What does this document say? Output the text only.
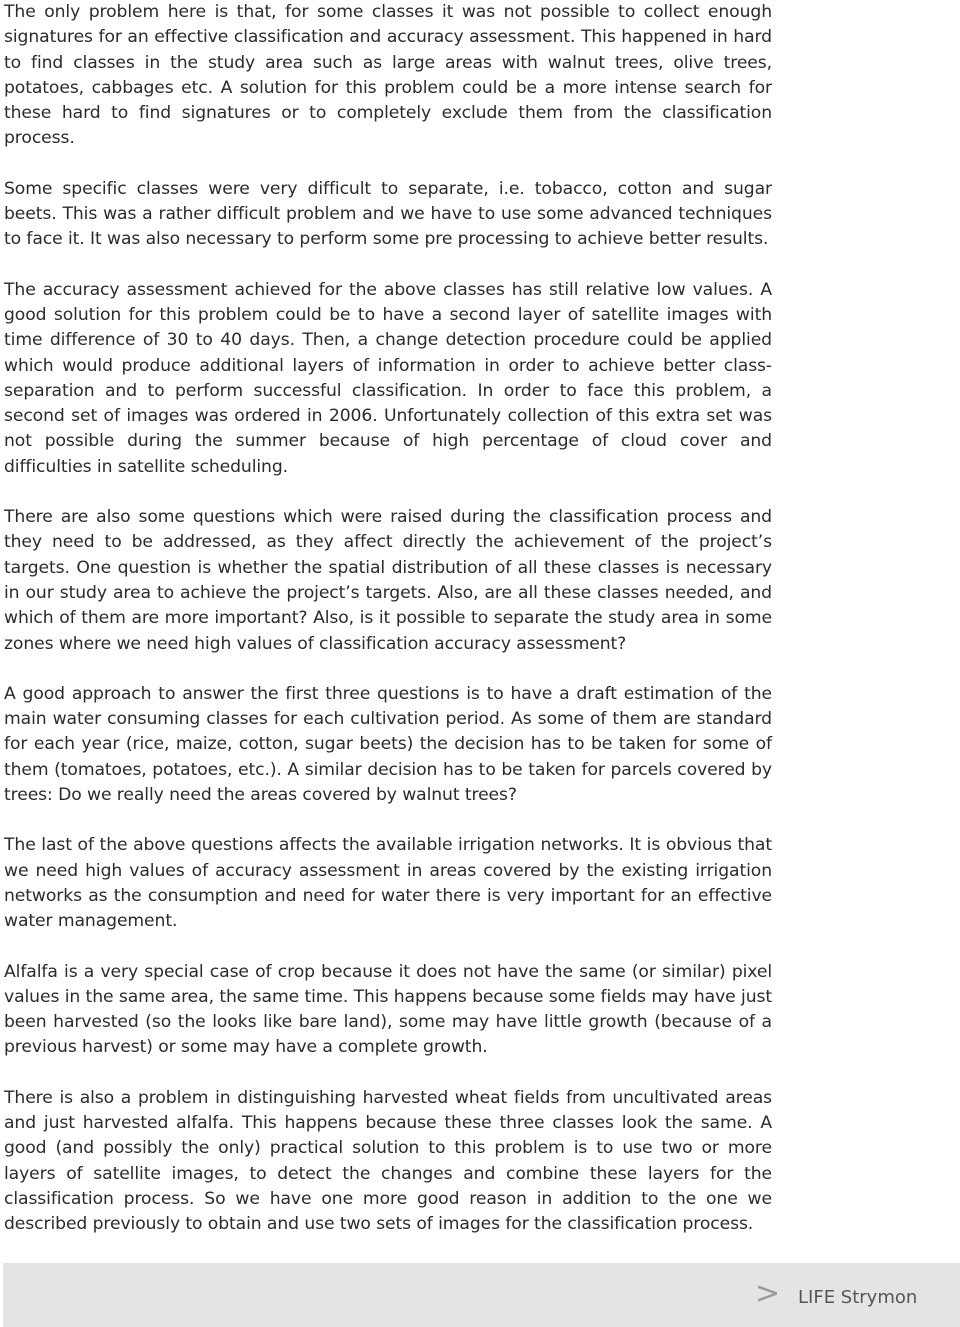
The only problem here is that, for some classes it was not possible to collect enough signatures for an effective classification and accuracy assessment. This happened in hard to find classes in the study area such as large areas with walnut trees, olive trees, potatoes, cabbages etc. A solution for this problem could be a more intense search for these hard to find signatures or to completely exclude them from the classification process.

Some specific classes were very difficult to separate, i.e. tobacco, cotton and sugar beets. This was a rather difficult problem and we have to use some advanced techniques to face it. It was also necessary to perform some pre processing to achieve better results.

The accuracy assessment achieved for the above classes has still relative low values. A good solution for this problem could be to have a second layer of satellite images with time difference of 30 to 40 days. Then, a change detection procedure could be applied which would produce additional layers of information in order to achieve better class-separation and to perform successful classification. In order to face this problem, a second set of images was ordered in 2006. Unfortunately collection of this extra set was not possible during the summer because of high percentage of cloud cover and difficulties in satellite scheduling.

There are also some questions which were raised during the classification process and they need to be addressed, as they affect directly the achievement of the project’s targets. One question is whether the spatial distribution of all these classes is necessary in our study area to achieve the project’s targets. Also, are all these classes needed, and which of them are more important? Also, is it possible to separate the study area in some zones where we need high values of classification accuracy assessment?

A good approach to answer the first three questions is to have a draft estimation of the main water consuming classes for each cultivation period. As some of them are standard for each year (rice, maize, cotton, sugar beets) the decision has to be taken for some of them (tomatoes, potatoes, etc.). A similar decision has to be taken for parcels covered by trees: Do we really need the areas covered by walnut trees?

The last of the above questions affects the available irrigation networks. It is obvious that we need high values of accuracy assessment in areas covered by the existing irrigation networks as the consumption and need for water there is very important for an effective water management.

Alfalfa is a very special case of crop because it does not have the same (or similar) pixel values in the same area, the same time. This happens because some fields may have just been harvested (so the looks like bare land), some may have little growth (because of a previous harvest) or some may have a complete growth.

There is also a problem in distinguishing harvested wheat fields from uncultivated areas and just harvested alfalfa. This happens because these three classes look the same. A good (and possibly the only) practical solution to this problem is to use two or more layers of satellite images, to detect the changes and combine these layers for the classification process. So we have one more good reason in addition to the one we described previously to obtain and use two sets of images for the classification process.

> LIFE Strymon
